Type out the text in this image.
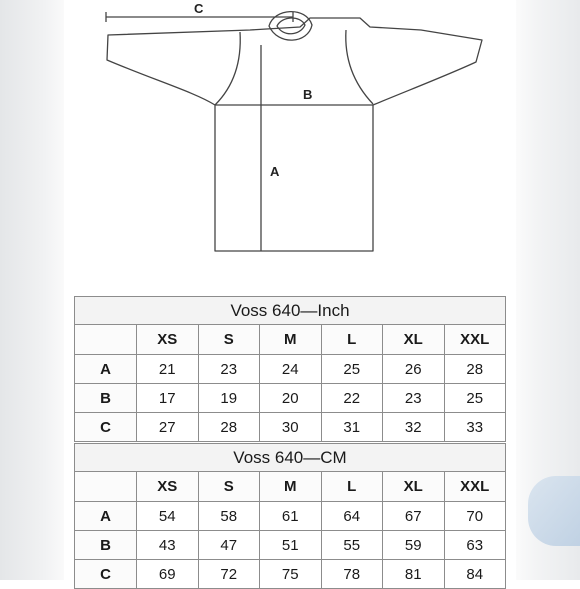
C
B
A
Voss 640—Inch						
	XS	S	M	L	XL	XXL
A	21	23	24	25	26	28
B	17	19	20	22	23	25
C	27	28	30	31	32	33
Voss 640—CM						
	XS	S	M	L	XL	XXL
A	54	58	61	64	67	70
B	43	47	51	55	59	63
C	69	72	75	78	81	84
